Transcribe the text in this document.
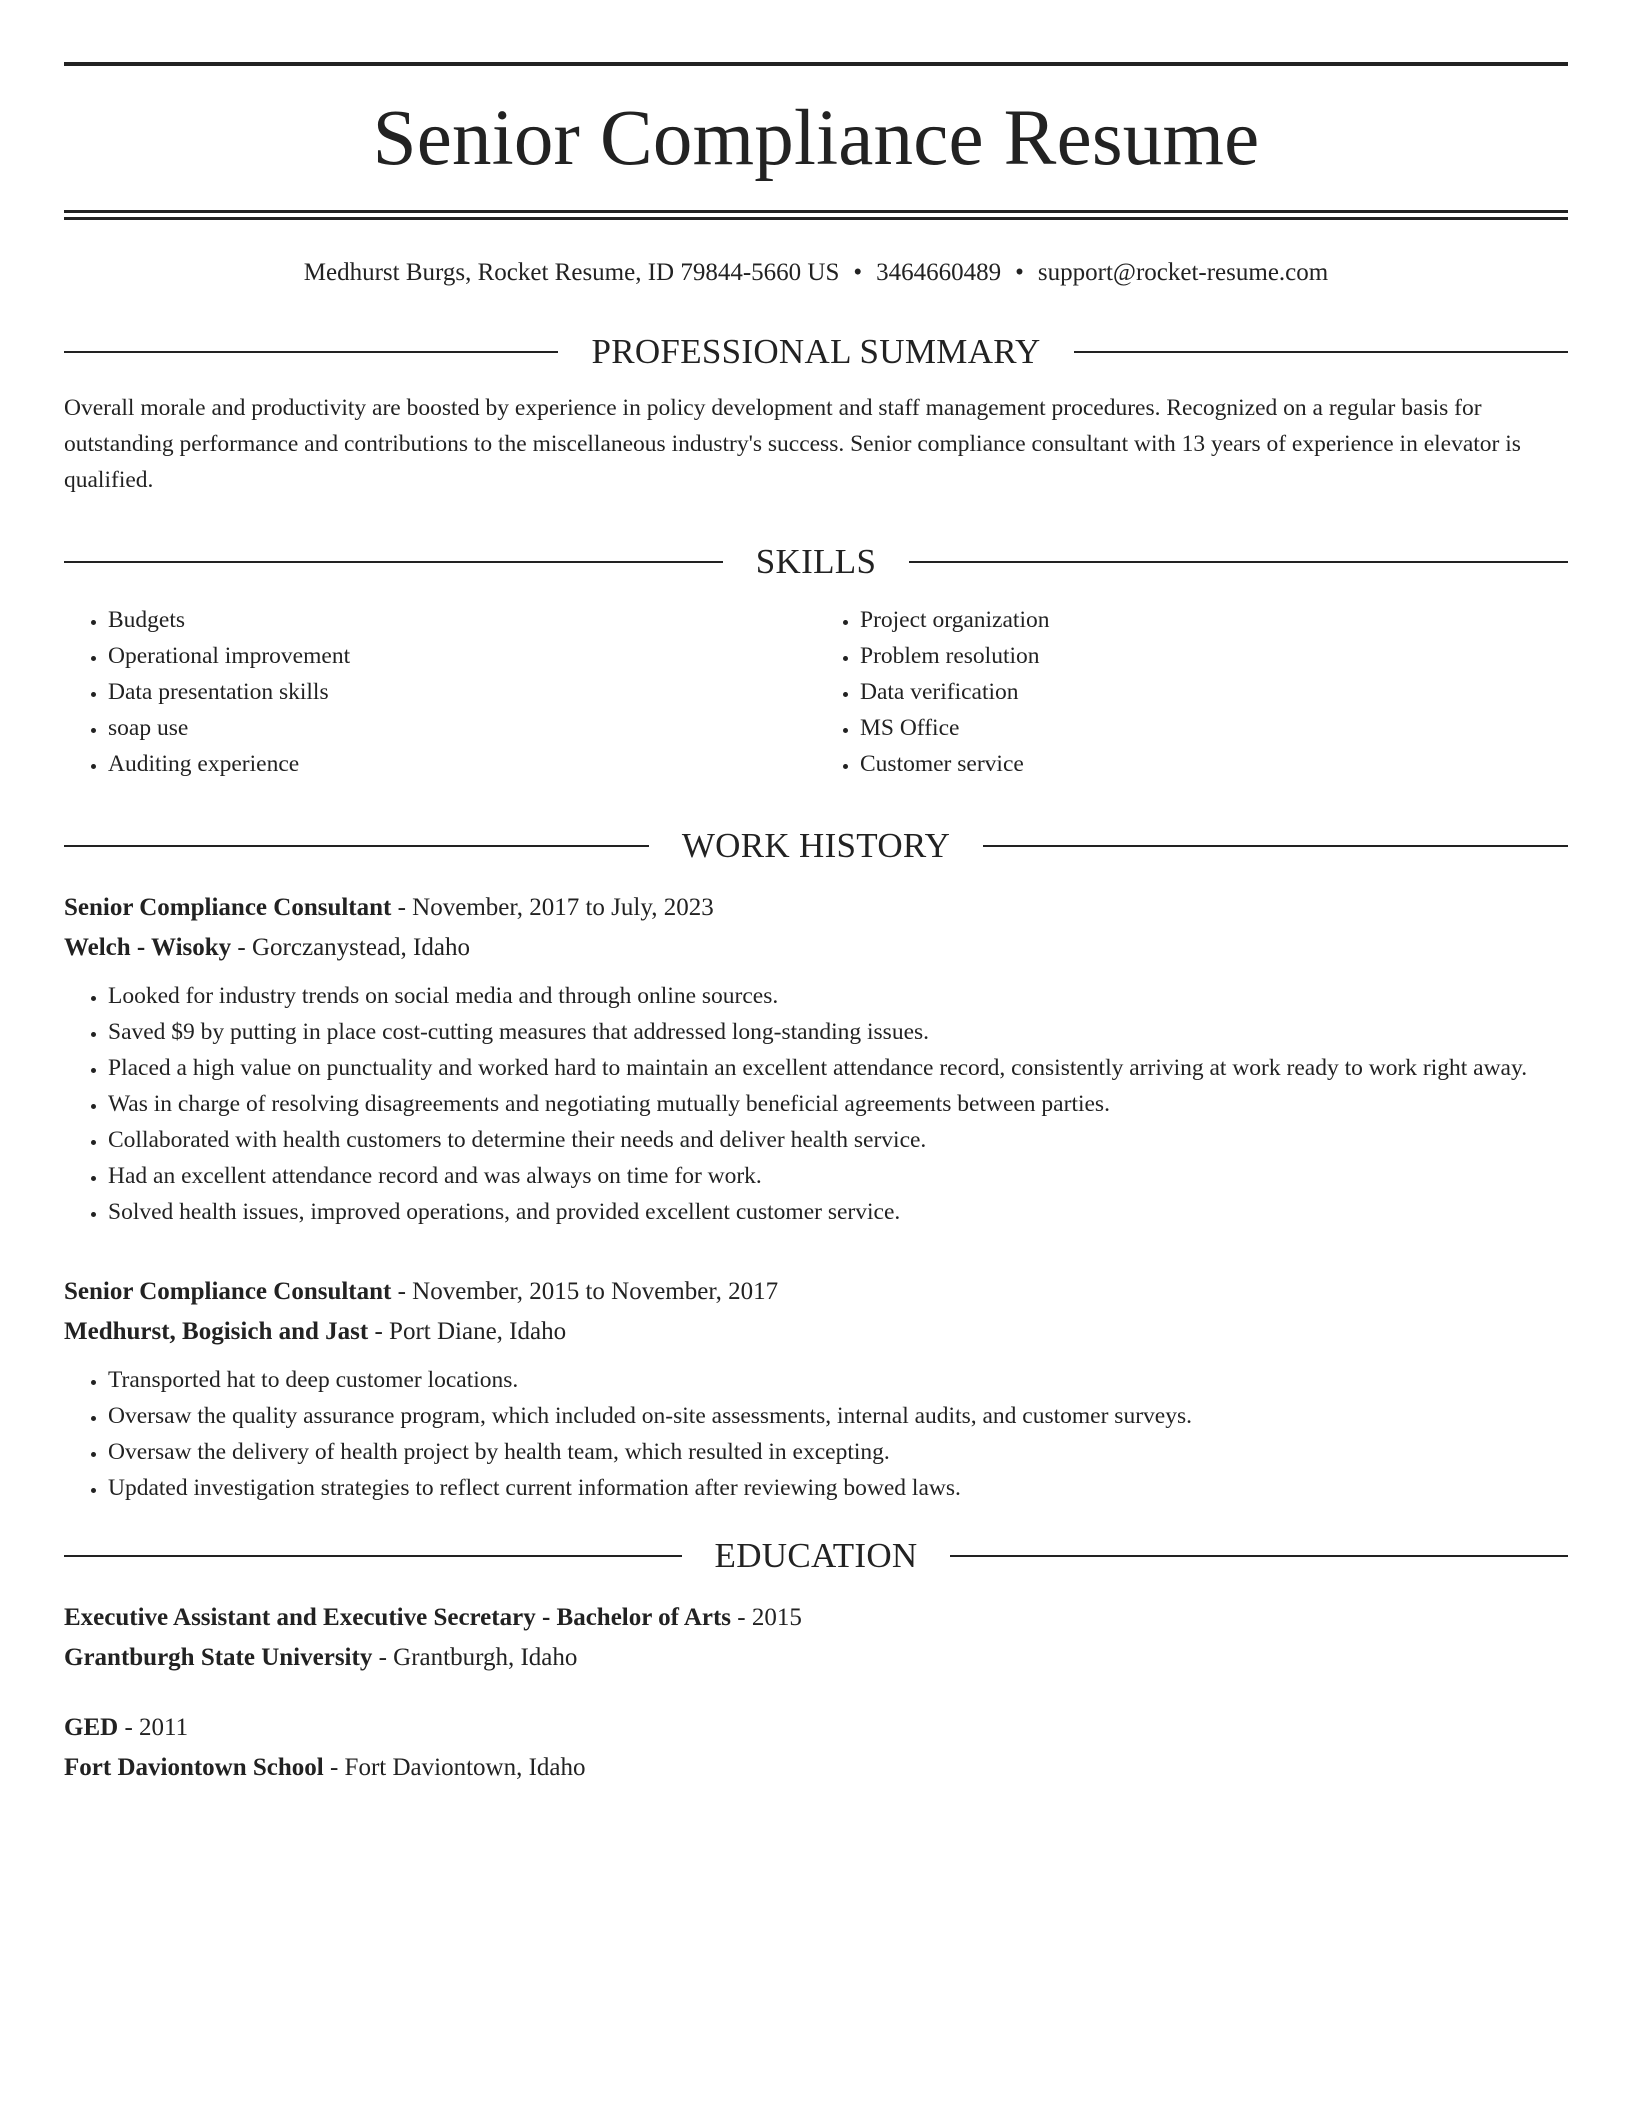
Senior Compliance Resume
Medhurst Burgs, Rocket Resume, ID 79844-5660 US • 3464660489 • support@rocket-resume.com
PROFESSIONAL SUMMARY
Overall morale and productivity are boosted by experience in policy development and staff management procedures. Recognized on a regular basis for outstanding performance and contributions to the miscellaneous industry's success. Senior compliance consultant with 13 years of experience in elevator is qualified.
SKILLS
• Budgets
• Operational improvement
• Data presentation skills
• soap use
• Auditing experience
• Project organization
• Problem resolution
• Data verification
• MS Office
• Customer service
WORK HISTORY
Senior Compliance Consultant - November, 2017 to July, 2023
Welch - Wisoky - Gorczanystead, Idaho
• Looked for industry trends on social media and through online sources.
• Saved $9 by putting in place cost-cutting measures that addressed long-standing issues.
• Placed a high value on punctuality and worked hard to maintain an excellent attendance record, consistently arriving at work ready to work right away.
• Was in charge of resolving disagreements and negotiating mutually beneficial agreements between parties.
• Collaborated with health customers to determine their needs and deliver health service.
• Had an excellent attendance record and was always on time for work.
• Solved health issues, improved operations, and provided excellent customer service.
Senior Compliance Consultant - November, 2015 to November, 2017
Medhurst, Bogisich and Jast - Port Diane, Idaho
• Transported hat to deep customer locations.
• Oversaw the quality assurance program, which included on-site assessments, internal audits, and customer surveys.
• Oversaw the delivery of health project by health team, which resulted in excepting.
• Updated investigation strategies to reflect current information after reviewing bowed laws.
EDUCATION
Executive Assistant and Executive Secretary - Bachelor of Arts - 2015
Grantburgh State University - Grantburgh, Idaho
GED - 2011
Fort Daviontown School - Fort Daviontown, Idaho
